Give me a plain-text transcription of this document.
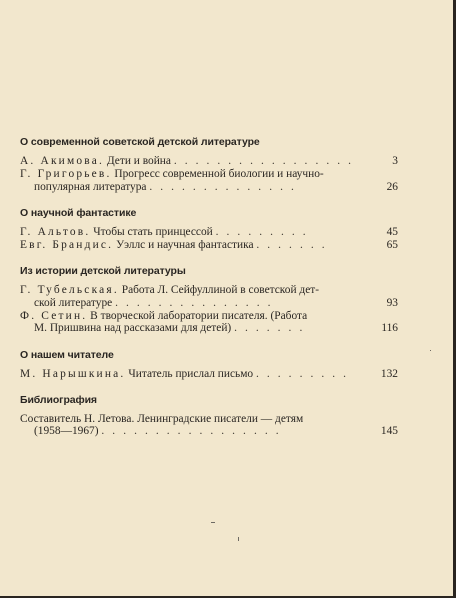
О современной советской детской литературе
А. Акимова. Дети и война . . . . . . . . . . . . . . . . .	3
Г. Григорьев. Прогресс современной биологии и научно-
популярная литература . . . . . . . . . . . . . .	26
О научной фантастике
Г. Альтов. Чтобы стать принцессой . . . . . . . . .	45
Евг. Брандис. Уэллс и научная фантастика . . . . . . .	65
Из истории детской литературы
Г. Тубельская. Работа Л. Сейфуллиной в советской дет-
ской литературе . . . . . . . . . . . . . . .	93
Ф. Сетин. В творческой лаборатории писателя. (Работа
М. Пришвина над рассказами для детей) . . . . . . .	116
О нашем читателе
М. Нарышкина. Читатель прислал письмо . . . . . . . . .	132
Библиография
Составитель Н. Летова. Ленинградские писатели — детям
(1958—1967) . . . . . . . . . . . . . . . . .	145
